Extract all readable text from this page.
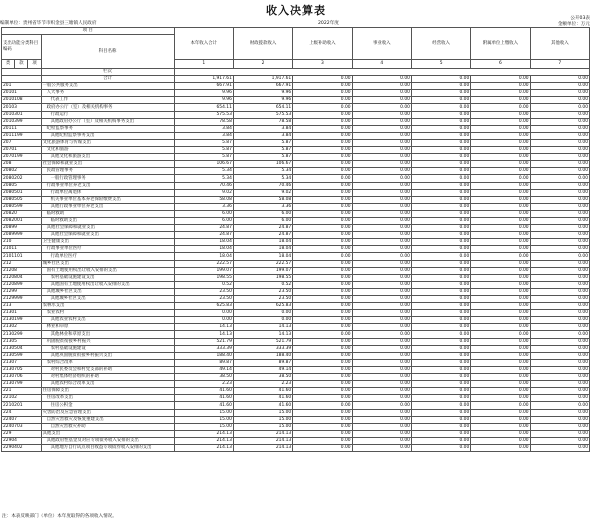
收入决算表
公开03表
编制单位：贵州省毕节市织金县三塘镇人民政府	2022年度	金额单位：万元
项 目				本年收入合计	财政拨款收入	上级补助收入	事业收入	经营收入	附属单位上缴收入	其他收入
支出功能分类科目编码			科目名称							
类	款	项		1	2	3	4	5	6	7
			栏次							
			合计	1,917.61	1,917.61	0.00	0.00	0.00	0.00	0.00
201			一般公共服务支出	667.91	667.91	0.00	0.00	0.00	0.00	0.00
20101			人大事务	9.96	9.96	0.00	0.00	0.00	0.00	0.00
2010108			代表工作	9.96	9.96	0.00	0.00	0.00	0.00	0.00
20103			政府办公厅（室）及相关机构事务	654.11	654.11	0.00	0.00	0.00	0.00	0.00
2010301			行政运行	575.53	575.53	0.00	0.00	0.00	0.00	0.00
2010399			其他政府办公厅（室）及相关机构事务支出	78.58	78.58	0.00	0.00	0.00	0.00	0.00
20111			纪检监察事务	3.84	3.84	0.00	0.00	0.00	0.00	0.00
2011199			其他纪检监察事务支出	3.84	3.84	0.00	0.00	0.00	0.00	0.00
207			文化旅游体育与传媒支出	5.87	5.87	0.00	0.00	0.00	0.00	0.00
20701			文化和旅游	5.87	5.87	0.00	0.00	0.00	0.00	0.00
2070199			其他文化和旅游支出	5.87	5.87	0.00	0.00	0.00	0.00	0.00
208			社会保障和就业支出	106.67	106.67	0.00	0.00	0.00	0.00	0.00
20802			民政管理事务	5.34	5.34	0.00	0.00	0.00	0.00	0.00
2080202			一般行政管理事务	5.34	5.34	0.00	0.00	0.00	0.00	0.00
20805			行政事业单位养老支出	70.46	70.46	0.00	0.00	0.00	0.00	0.00
2080501			行政单位离退休	9.02	9.02	0.00	0.00	0.00	0.00	0.00
2080505			机关事业单位基本养老保险缴费支出	58.08	58.08	0.00	0.00	0.00	0.00	0.00
2080599			其他行政事业单位养老支出	3.36	3.36	0.00	0.00	0.00	0.00	0.00
20820			临时救助	6.00	6.00	0.00	0.00	0.00	0.00	0.00
2082001			临时救助支出	6.00	6.00	0.00	0.00	0.00	0.00	0.00
20899			其他社会保障和就业支出	24.87	24.87	0.00	0.00	0.00	0.00	0.00
2089999			其他社会保障和就业支出	24.87	24.87	0.00	0.00	0.00	0.00	0.00
210			卫生健康支出	18.04	18.04	0.00	0.00	0.00	0.00	0.00
21011			行政事业单位医疗	18.04	18.04	0.00	0.00	0.00	0.00	0.00
2101101			行政单位医疗	18.04	18.04	0.00	0.00	0.00	0.00	0.00
212			城乡社区支出	222.57	222.57	0.00	0.00	0.00	0.00	0.00
21208			国有土地使用权出让收入安排的支出	199.07	199.07	0.00	0.00	0.00	0.00	0.00
2120804			农村基础设施建设支出	198.55	198.55	0.00	0.00	0.00	0.00	0.00
2120899			其他国有土地使用权出让收入安排的支出	0.52	0.52	0.00	0.00	0.00	0.00	0.00
21299			其他城乡社区支出	23.50	23.50	0.00	0.00	0.00	0.00	0.00
2129999			其他城乡社区支出	23.50	23.50	0.00	0.00	0.00	0.00	0.00
213			农林水支出	625.83	625.83	0.00	0.00	0.00	0.00	0.00
21301			农业农村	0.00	0.00	0.00	0.00	0.00	0.00	0.00
2130199			其他农业农村支出	0.00	0.00	0.00	0.00	0.00	0.00	0.00
21302			林业和草原	14.13	14.13	0.00	0.00	0.00	0.00	0.00
2130299			其他林业和草原支出	14.13	14.13	0.00	0.00	0.00	0.00	0.00
21305			巩固脱贫衔接乡村振兴	521.79	521.79	0.00	0.00	0.00	0.00	0.00
2130504			农村基础设施建设	333.39	333.39	0.00	0.00	0.00	0.00	0.00
2130599			其他巩固脱贫衔接乡村振兴支出	188.40	188.40	0.00	0.00	0.00	0.00	0.00
21307			农村综合改革	89.87	89.87	0.00	0.00	0.00	0.00	0.00
2130705			对村民委员会和村党支部的补助	49.14	49.14	0.00	0.00	0.00	0.00	0.00
2130706			对村集体经济组织的补助	38.50	38.50	0.00	0.00	0.00	0.00	0.00
2130799			其他农村综合改革支出	2.23	2.23	0.00	0.00	0.00	0.00	0.00
221			住房保障支出	41.60	41.60	0.00	0.00	0.00	0.00	0.00
22102			住房改革支出	41.60	41.60	0.00	0.00	0.00	0.00	0.00
2210201			住房公积金	41.60	41.60	0.00	0.00	0.00	0.00	0.00
224			灾害防治及应急管理支出	15.00	15.00	0.00	0.00	0.00	0.00	0.00
22407			自然灾害救灾及恢复重建支出	15.00	15.00	0.00	0.00	0.00	0.00	0.00
2240703			自然灾害救灾补助	15.00	15.00	0.00	0.00	0.00	0.00	0.00
229			其他支出	214.13	214.13	0.00	0.00	0.00	0.00	0.00
22904			其他政府性基金及对应专项债务收入安排的支出	214.13	214.13	0.00	0.00	0.00	0.00	0.00
2290402			其他地方自行试点项目收益专项债券收入安排的支出	214.13	214.13	0.00	0.00	0.00	0.00	0.00
注：本表反映部门（单位）本年度取得的各项收入情况。
